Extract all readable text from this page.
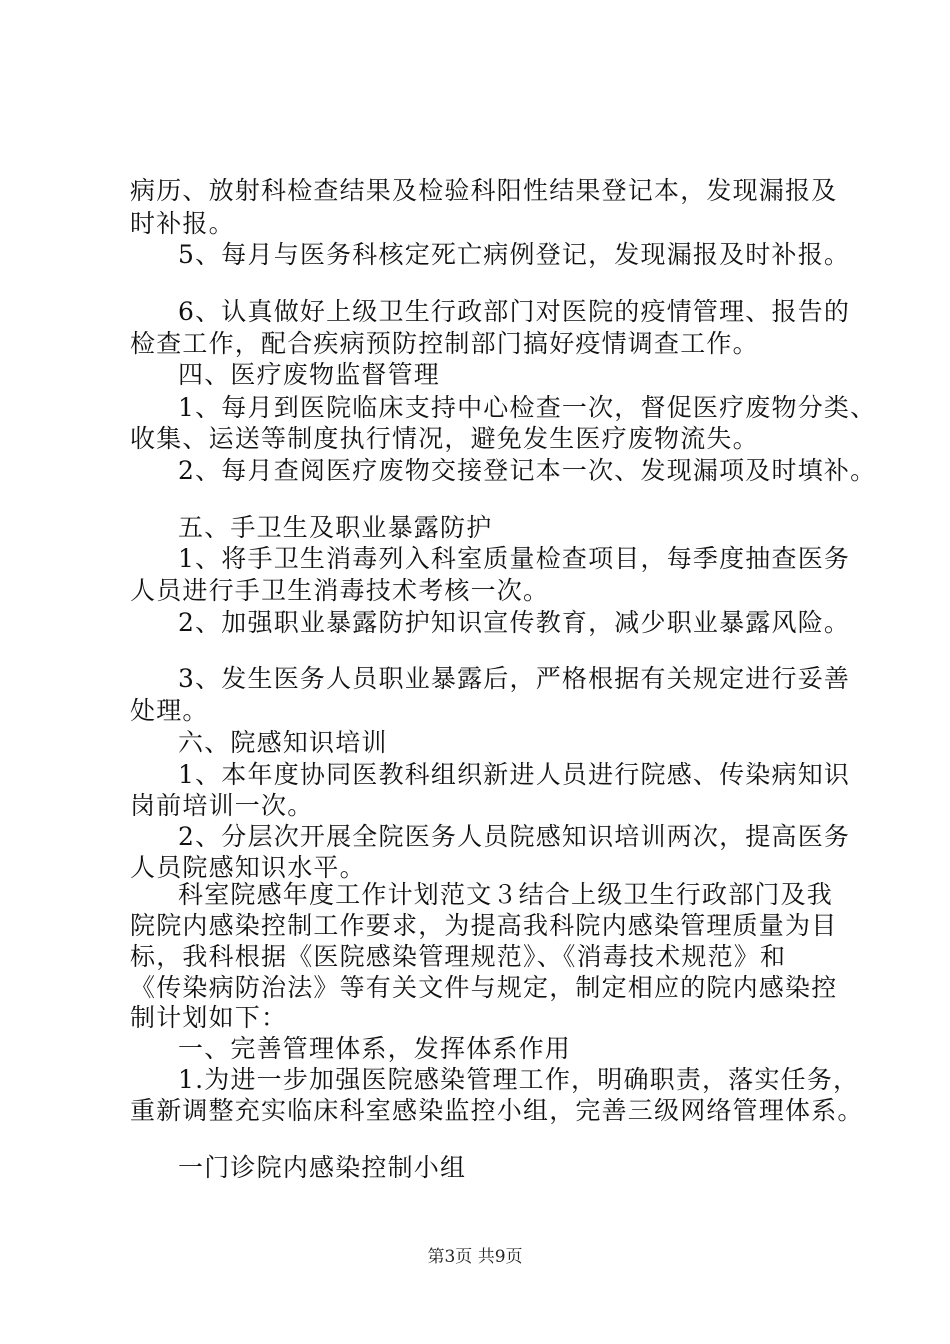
病历、放射科检查结果及检验科阳性结果登记本，发现漏报及
时补报。
5、每月与医务科核定死亡病例登记，发现漏报及时补报。
6、认真做好上级卫生行政部门对医院的疫情管理、报告的
检查工作，配合疾病预防控制部门搞好疫情调查工作。
四、医疗废物监督管理
1、每月到医院临床支持中心检查一次，督促医疗废物分类、
收集、运送等制度执行情况，避免发生医疗废物流失。
2、每月查阅医疗废物交接登记本一次、发现漏项及时填补。
五、手卫生及职业暴露防护
1、将手卫生消毒列入科室质量检查项目，每季度抽查医务
人员进行手卫生消毒技术考核一次。
2、加强职业暴露防护知识宣传教育，减少职业暴露风险。
3、发生医务人员职业暴露后，严格根据有关规定进行妥善
处理。
六、院感知识培训
1、本年度协同医教科组织新进人员进行院感、传染病知识
岗前培训一次。
2、分层次开展全院医务人员院感知识培训两次，提高医务
人员院感知识水平。
科室院感年度工作计划范文３结合上级卫生行政部门及我
院院内感染控制工作要求，为提高我科院内感染管理质量为目
标，我科根据《医院感染管理规范》、《消毒技术规范》和
《传染病防治法》等有关文件与规定，制定相应的院内感染控
制计划如下：
一、完善管理体系，发挥体系作用
1.为进一步加强医院感染管理工作，明确职责，落实任务，
重新调整充实临床科室感染监控小组，完善三级网络管理体系。
一门诊院内感染控制小组
第3页 共9页
